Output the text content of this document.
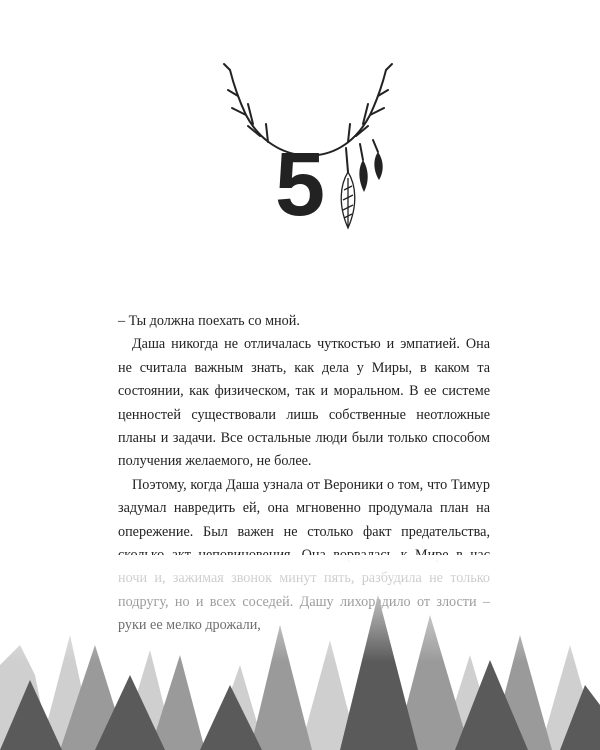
5

– Ты должна поехать со мной.

Даша никогда не отличалась чуткостью и эмпатией. Она не считала важным знать, как дела у Миры, в каком та состоянии, как физическом, так и моральном. В ее системе ценностей существовали лишь собственные неотложные планы и задачи. Все остальные люди были только способом получения желаемого, не более.

Поэтому, когда Даша узнала от Вероники о том, что Тимур задумал навредить ей, она мгновенно продумала план на опережение. Был важен не столько факт предательства,
